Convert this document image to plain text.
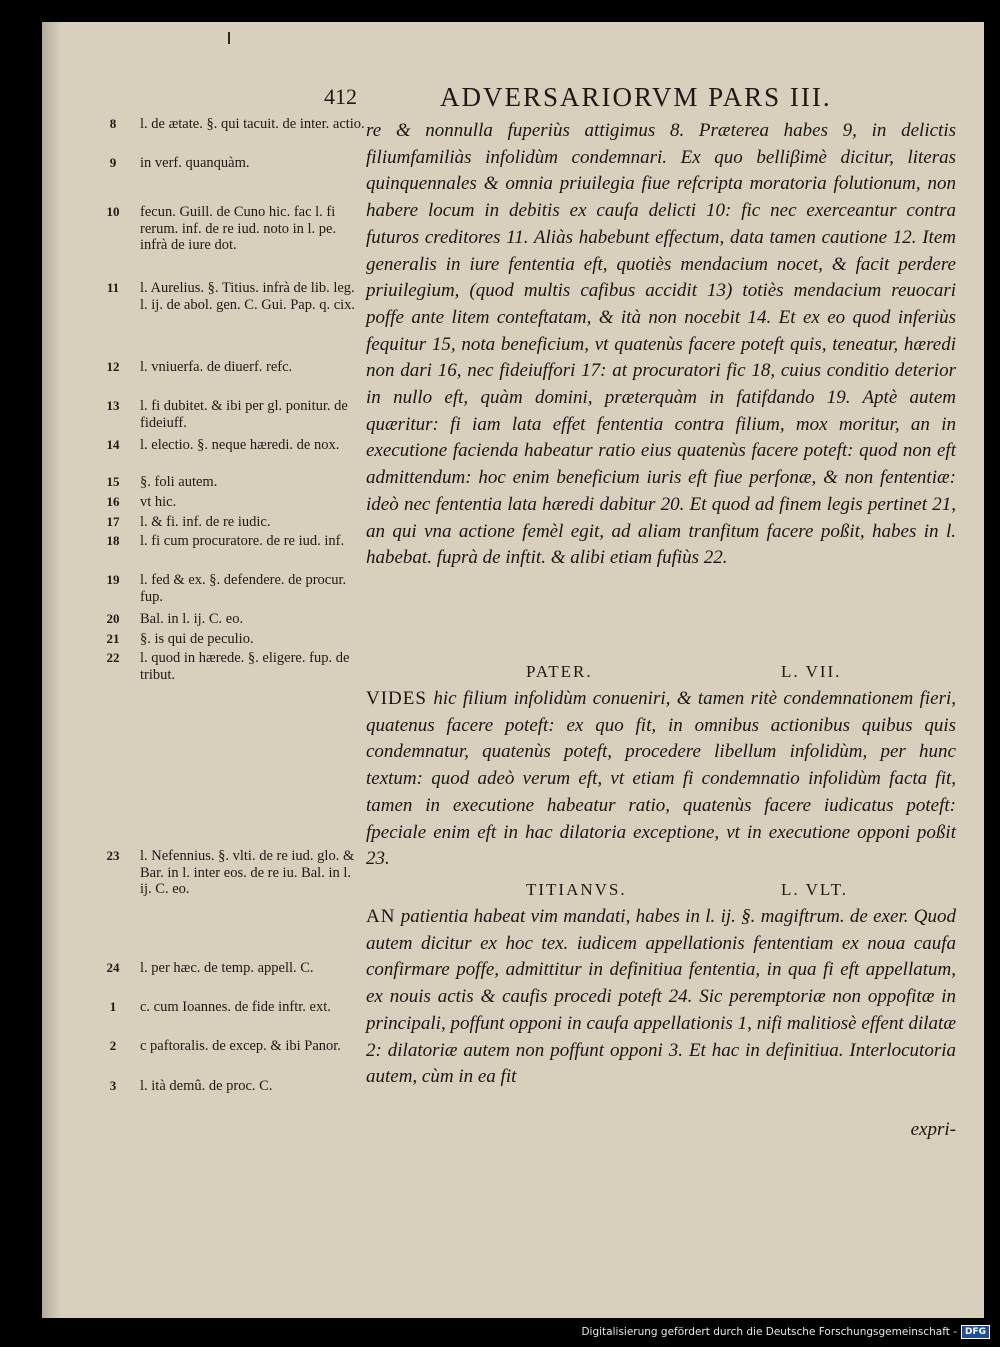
412	ADVERSARIORVM PARS III.
8	l. de ætate. §. qui tacuit. de inter. actio.
9	in verf. quanquàm.
10	fecun. Guill. de Cuno hic. fac l. fi rerum. inf. de re iud. noto in l. pe. infrà de iure dot.
11	l. Aurelius. §. Titius. infrà de lib. leg. l. ij. de abol. gen. C. Gui. Pap. q. cix.
12	l. vniuerfa. de diuerf. refc.
13	l. fi dubitet. & ibi per gl. ponitur. de fideiuff.
14	l. electio. §. neque hæredi. de nox.
15	§. foli autem.
16	vt hic.
17	l. & fi. inf. de re iudic.
18	l. fi cum procuratore. de re iud. inf.
19	l. fed & ex. §. defendere. de procur. fup.
20	Bal. in l. ij. C. eo.
21	§. is qui de peculio.
22	l. quod in hærede. §. eligere. fup. de tribut.
23	l. Nefennius. §. vlti. de re iud. glo. & Bar. in l. inter eos. de re iu. Bal. in l. ij. C. eo.
24	l. per hæc. de temp. appell. C.
1	c. cum Ioannes. de fide inftr. ext.
2	c paftoralis. de excep. & ibi Panor.
3	l. ità demû. de proc. C.
re & nonnulla fuperiùs attigimus 8. Præterea habes 9, in delictis filiumfamiliàs infolidùm condemnari. Ex quo belliβimè dicitur, literas quinquennales & omnia priuilegia fiue refcripta moratoria folutionum, non habere locum in debitis ex caufa delicti 10: fic nec exerceantur contra futuros creditores 11. Aliàs habebunt effectum, data tamen cautione 12. Item generalis in iure fententia eft, quotiès mendacium nocet, & facit perdere priuilegium, (quod multis cafibus accidit 13) totiès mendacium reuocari poffe ante litem conteftatam, & ità non nocebit 14. Et ex eo quod inferiùs fequitur 15, nota beneficium, vt quatenùs facere poteft quis, teneatur, hæredi non dari 16, nec fideiuffori 17: at procuratori fic 18, cuius conditio deterior in nullo eft, quàm domini, præterquàm in fatifdando 19. Aptè autem quæritur: fi iam lata effet fententia contra filium, mox moritur, an in executione facienda habeatur ratio eius quatenùs facere poteft: quod non eft admittendum: hoc enim beneficium iuris eft fiue perfonæ, & non fententiæ: ideò nec fententia lata hæredi dabitur 20. Et quod ad finem legis pertinet 21, an qui vna actione femèl egit, ad aliam tranfitum facere poßit, habes in l. habebat. fuprà de inftit. & alibi etiam fufiùs 22.
PATER.	L. VII.
VIDES hic filium infolidùm conueniri, & tamen ritè condemnationem fieri, quatenus facere poteft: ex quo fit, in omnibus actionibus quibus quis condemnatur, quatenùs poteft, procedere libellum infolidùm, per hunc textum: quod adeò verum eft, vt etiam fi condemnatio infolidùm facta fit, tamen in executione habeatur ratio, quatenùs facere iudicatus poteft: fpeciale enim eft in hac dilatoria exceptione, vt in executione opponi poßit 23.
TITIANVS.	L. VLT.
AN patientia habeat vim mandati, habes in l. ij. §. magiftrum. de exer. Quod autem dicitur ex hoc tex. iudicem appellationis fententiam ex noua caufa confirmare poffe, admittitur in definitiua fententia, in qua fi eft appellatum, ex nouis actis & caufis procedi poteft 24. Sic peremptoriæ non oppofitæ in principali, poffunt opponi in caufa appellationis 1, nifi malitiosè effent dilatæ 2: dilatoriæ autem non poffunt opponi 3. Et hac in definitiua. Interlocutoria autem, cùm in ea fit
expri-
Digitalisierung gefördert durch die Deutsche Forschungsgemeinschaft - DFG
